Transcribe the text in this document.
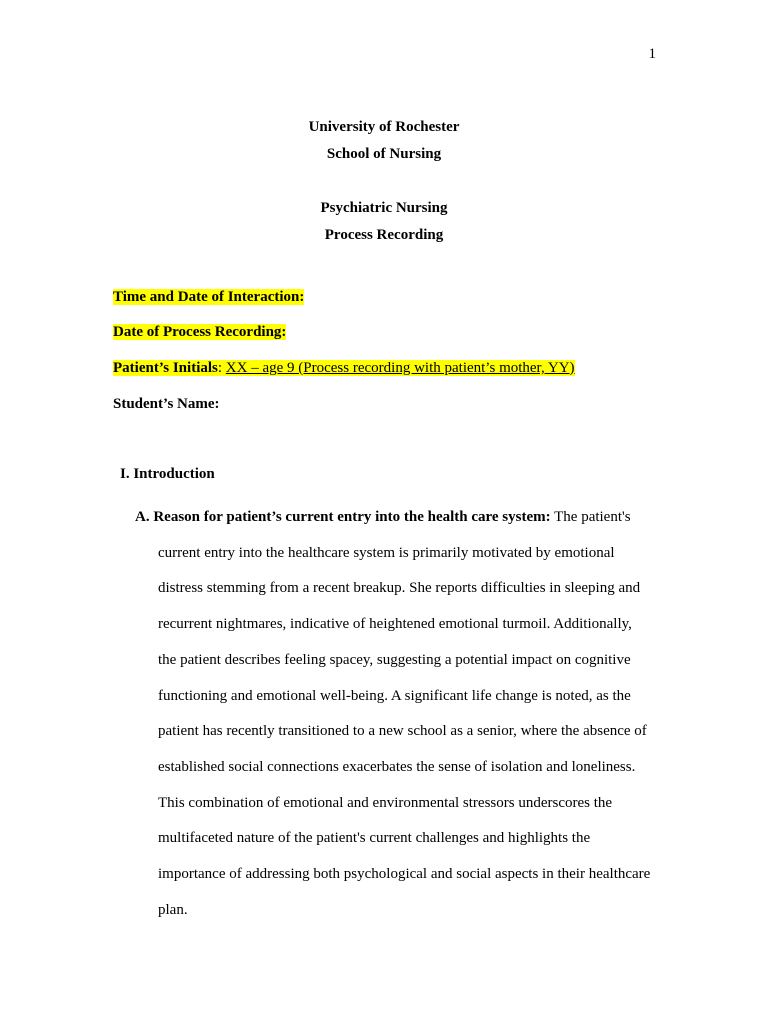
1
University of Rochester
School of Nursing
Psychiatric Nursing
Process Recording
Time and Date of Interaction:
Date of Process Recording:
Patient’s Initials: XX – age 9 (Process recording with patient’s mother, YY)
Student’s Name:
I. Introduction
A. Reason for patient’s current entry into the health care system: The patient's
current entry into the healthcare system is primarily motivated by emotional
distress stemming from a recent breakup. She reports difficulties in sleeping and
recurrent nightmares, indicative of heightened emotional turmoil. Additionally,
the patient describes feeling spacey, suggesting a potential impact on cognitive
functioning and emotional well-being. A significant life change is noted, as the
patient has recently transitioned to a new school as a senior, where the absence of
established social connections exacerbates the sense of isolation and loneliness.
This combination of emotional and environmental stressors underscores the
multifaceted nature of the patient's current challenges and highlights the
importance of addressing both psychological and social aspects in their healthcare
plan.
